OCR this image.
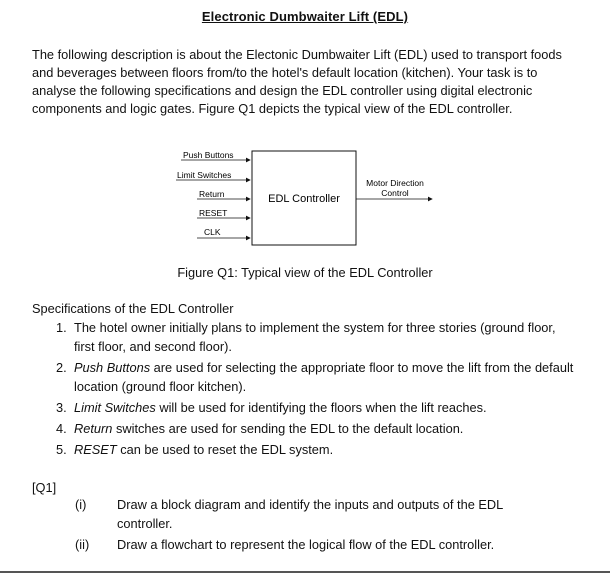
Electronic Dumbwaiter Lift (EDL)

The following description is about the Electonic Dumbwaiter Lift (EDL) used to transport foods and beverages between floors from/to the hotel's default location (kitchen). Your task is to analyse the following specifications and design the EDL controller using digital electronic components and logic gates. Figure Q1 depicts the typical view of the EDL controller.

EDL Controller
Push Buttons
Limit Switches
Return
RESET
CLK
Motor Direction
Control
Figure Q1: Typical view of the EDL Controller
Specifications of the EDL Controller
1. The hotel owner initially plans to implement the system for three stories (ground floor, first floor, and second floor).
2. Push Buttons are used for selecting the appropriate floor to move the lift from the default location (ground floor kitchen).
3. Limit Switches will be used for identifying the floors when the lift reaches.
4. Return switches are used for sending the EDL to the default location.
5. RESET can be used to reset the EDL system.
[Q1]
(i) Draw a block diagram and identify the inputs and outputs of the EDL controller.
(ii) Draw a flowchart to represent the logical flow of the EDL controller.
